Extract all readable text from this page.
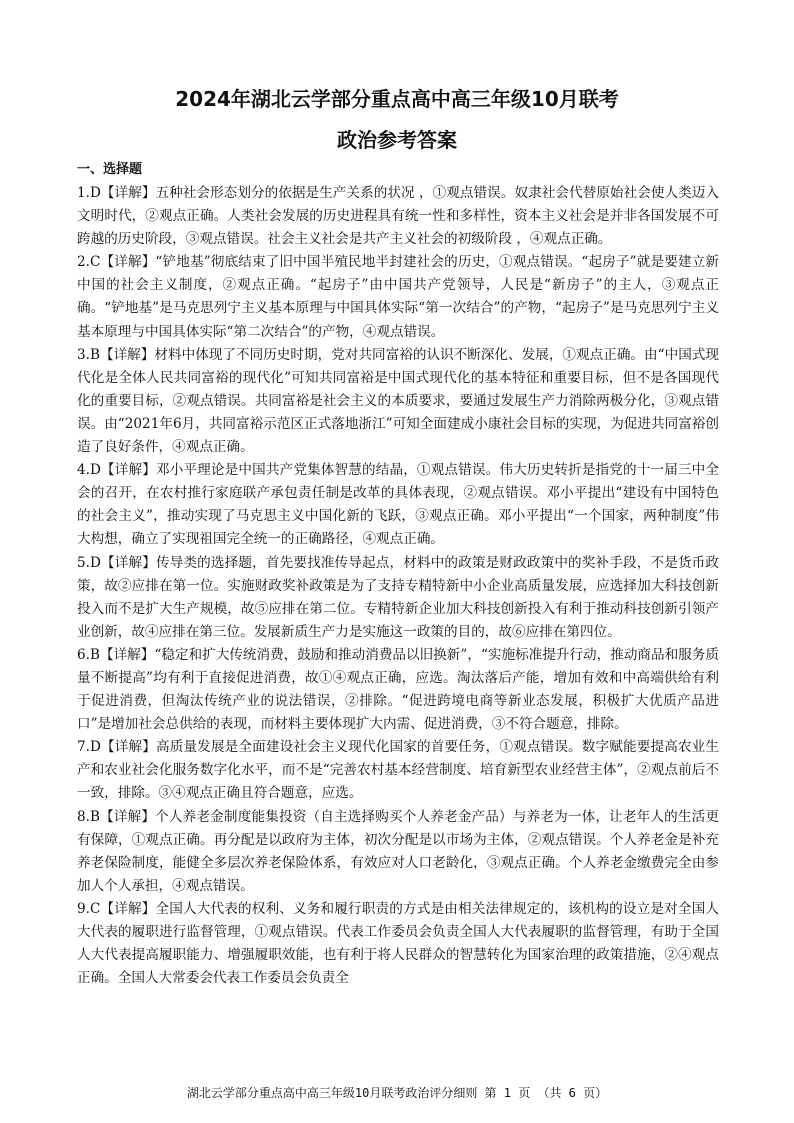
2024年湖北云学部分重点高中高三年级10月联考
政治参考答案
一、选择题

1.D【详解】五种社会形态划分的依据是生产关系的状况 ，①观点错误。奴隶社会代替原始社会使人类迈入文明时代，②观点正确。人类社会发展的历史进程具有统一性和多样性，资本主义社会是并非各国发展不可跨越的历史阶段，③观点错误。社会主义社会是共产主义社会的初级阶段 ，④观点正确。

2.C【详解】“铲地基”彻底结束了旧中国半殖民地半封建社会的历史，①观点错误。“起房子”就是要建立新中国的社会主义制度，②观点正确。“起房子”由中国共产党领导，人民是“新房子”的主人，③观点正确。“铲地基”是马克思列宁主义基本原理与中国具体实际“第一次结合”的产物，“起房子”是马克思列宁主义基本原理与中国具体实际“第二次结合”的产物，④观点错误。

3.B【详解】材料中体现了不同历史时期，党对共同富裕的认识不断深化、发展，①观点正确。由“中国式现代化是全体人民共同富裕的现代化”可知共同富裕是中国式现代化的基本特征和重要目标，但不是各国现代化的重要目标，②观点错误。共同富裕是社会主义的本质要求，要通过发展生产力消除两极分化，③观点错误。由“2021年6月，共同富裕示范区正式落地浙江”可知全面建成小康社会目标的实现，为促进共同富裕创造了良好条件，④观点正确。

4.D【详解】邓小平理论是中国共产党集体智慧的结晶，①观点错误。伟大历史转折是指党的十一届三中全会的召开，在农村推行家庭联产承包责任制是改革的具体表现，②观点错误。邓小平提出“建设有中国特色的社会主义”，推动实现了马克思主义中国化新的飞跃，③观点正确。邓小平提出“一个国家，两种制度”伟大构想，确立了实现祖国完全统一的正确路径，④观点正确。

5.D【详解】传导类的选择题，首先要找准传导起点，材料中的政策是财政政策中的奖补手段，不是货币政策，故②应排在第一位。实施财政奖补政策是为了支持专精特新中小企业高质量发展，应选择加大科技创新投入而不是扩大生产规模，故⑤应排在第二位。专精特新企业加大科技创新投入有利于推动科技创新引领产业创新，故④应排在第三位。发展新质生产力是实施这一政策的目的，故⑥应排在第四位。

6.B【详解】“稳定和扩大传统消费，鼓励和推动消费品以旧换新”，“实施标准提升行动，推动商品和服务质量不断提高”均有利于直接促进消费，故①④观点正确，应选。淘汰落后产能，增加有效和中高端供给有利于促进消费，但淘汰传统产业的说法错误，②排除。“促进跨境电商等新业态发展，积极扩大优质产品进口”是增加社会总供给的表现，而材料主要体现扩大内需、促进消费，③不符合题意，排除。

7.D【详解】高质量发展是全面建设社会主义现代化国家的首要任务，①观点错误。数字赋能要提高农业生产和农业社会化服务数字化水平，而不是“完善农村基本经营制度、培育新型农业经营主体”，②观点前后不一致，排除。③④观点正确且符合题意，应选。

8.B【详解】个人养老金制度能集投资（自主选择购买个人养老金产品）与养老为一体，让老年人的生活更有保障，①观点正确。再分配是以政府为主体，初次分配是以市场为主体，②观点错误。个人养老金是补充养老保险制度，能健全多层次养老保险体系，有效应对人口老龄化，③观点正确。个人养老金缴费完全由参加人个人承担，④观点错误。

9.C【详解】全国人大代表的权利、义务和履行职责的方式是由相关法律规定的，该机构的设立是对全国人大代表的履职进行监督管理，①观点错误。代表工作委员会负责全国人大代表履职的监督管理，有助于全国人大代表提高履职能力、增强履职效能，也有利于将人民群众的智慧转化为国家治理的政策措施，②④观点正确。全国人大常委会代表工作委员会负责全

湖北云学部分重点高中高三年级10月联考政治评分细则 第 1 页 （共 6 页）
